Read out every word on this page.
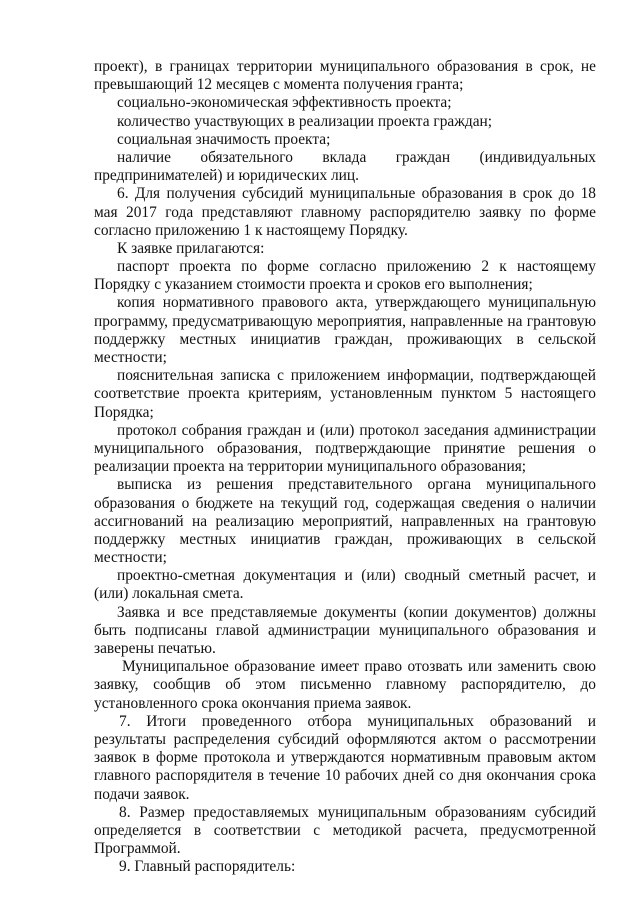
проект), в границах территории муниципального образования в срок, не
превышающий 12 месяцев с момента получения гранта;
социально-экономическая эффективность проекта;
количество участвующих в реализации проекта граждан;
социальная значимость проекта;
наличие обязательного вклада граждан (индивидуальных
предпринимателей) и юридических лиц.
6. Для получения субсидий муниципальные образования в срок до 18
мая 2017 года представляют главному распорядителю заявку по форме
согласно приложению 1 к настоящему Порядку.
К заявке прилагаются:
паспорт проекта по форме согласно приложению 2 к настоящему
Порядку с указанием стоимости проекта и сроков его выполнения;
копия нормативного правового акта, утверждающего муниципальную
программу, предусматривающую мероприятия, направленные на грантовую
поддержку местных инициатив граждан, проживающих в сельской
местности;
пояснительная записка с приложением информации, подтверждающей
соответствие проекта критериям, установленным пунктом 5 настоящего
Порядка;
протокол собрания граждан и (или) протокол заседания администрации
муниципального образования, подтверждающие принятие решения о
реализации проекта на территории муниципального образования;
выписка из решения представительного органа муниципального
образования о бюджете на текущий год, содержащая сведения о наличии
ассигнований на реализацию мероприятий, направленных на грантовую
поддержку местных инициатив граждан, проживающих в сельской
местности;
проектно-сметная документация и (или) сводный сметный расчет, и
(или) локальная смета.
Заявка и все представляемые документы (копии документов) должны
быть подписаны главой администрации муниципального образования и
заверены печатью.
Муниципальное образование имеет право отозвать или заменить свою
заявку, сообщив об этом письменно главному распорядителю, до
установленного срока окончания приема заявок.
7. Итоги проведенного отбора муниципальных образований и
результаты распределения субсидий оформляются актом о рассмотрении
заявок в форме протокола и утверждаются нормативным правовым актом
главного распорядителя в течение 10 рабочих дней со дня окончания срока
подачи заявок.
8. Размер предоставляемых муниципальным образованиям субсидий
определяется в соответствии с методикой расчета, предусмотренной
Программой.
9. Главный распорядитель:
